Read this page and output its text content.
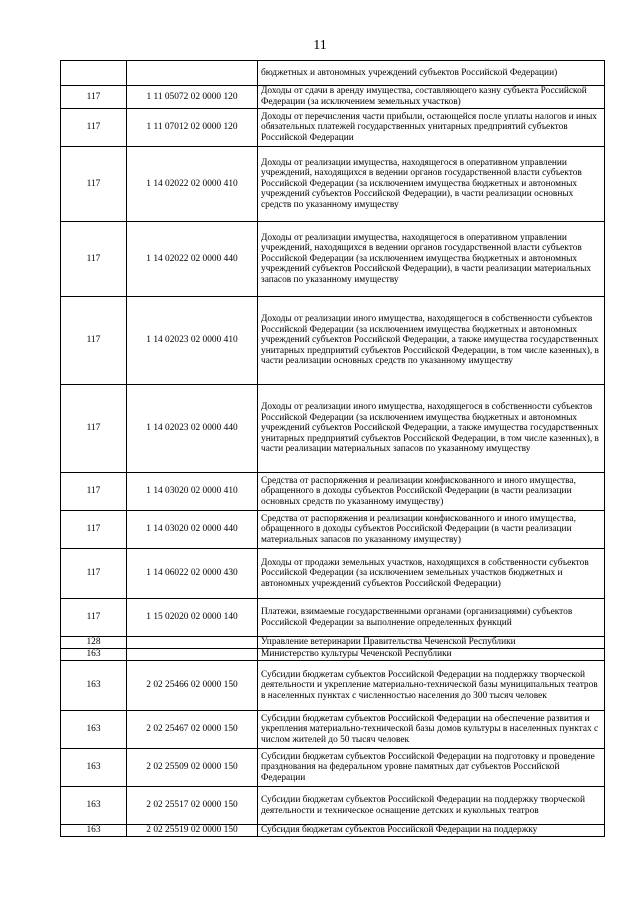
11
		бюджетных и автономных учреждений субъектов Российской Федерации)
117	1 11 05072 02 0000 120	Доходы от сдачи в аренду имущества, составляющего казну субъекта Российской Федерации (за исключением земельных участков)
117	1 11 07012 02 0000 120	Доходы от перечисления части прибыли, остающейся после уплаты налогов и иных обязательных платежей государственных унитарных предприятий субъектов Российской Федерации
117	1 14 02022 02 0000 410	Доходы от реализации имущества, находящегося в оперативном управлении учреждений, находящихся в ведении органов государственной власти субъектов Российской Федерации (за исключением имущества бюджетных и автономных учреждений субъектов Российской Федерации), в части реализации основных средств по указанному имуществу
117	1 14 02022 02 0000 440	Доходы от реализации имущества, находящегося в оперативном управлении учреждений, находящихся в ведении органов государственной власти субъектов Российской Федерации (за исключением имущества бюджетных и автономных учреждений субъектов Российской Федерации), в части реализации материальных запасов по указанному имуществу
117	1 14 02023 02 0000 410	Доходы от реализации иного имущества, находящегося в собственности субъектов Российской Федерации (за исключением имущества бюджетных и автономных учреждений субъектов Российской Федерации, а также имущества государственных унитарных предприятий субъектов Российской Федерации, в том числе казенных), в части реализации основных средств по указанному имуществу
117	1 14 02023 02 0000 440	Доходы от реализации иного имущества, находящегося в собственности субъектов Российской Федерации (за исключением имущества бюджетных и автономных учреждений субъектов Российской Федерации, а также имущества государственных унитарных предприятий субъектов Российской Федерации, в том числе казенных), в части реализации материальных запасов по указанному имуществу
117	1 14 03020 02 0000 410	Средства от распоряжения и реализации конфискованного и иного имущества, обращенного в доходы субъектов Российской Федерации (в части реализации основных средств по указанному имуществу)
117	1 14 03020 02 0000 440	Средства от распоряжения и реализации конфискованного и иного имущества, обращенного в доходы субъектов Российской Федерации (в части реализации материальных запасов по указанному имуществу)
117	1 14 06022 02 0000 430	Доходы от продажи земельных участков, находящихся в собственности субъектов Российской Федерации (за исключением земельных участков бюджетных и автономных учреждений субъектов Российской Федерации)
117	1 15 02020 02 0000 140	Платежи, взимаемые государственными органами (организациями) субъектов Российской Федерации за выполнение определенных функций
128		Управление ветеринарии Правительства Чеченской Республики
163		Министерство культуры Чеченской Республики
163	2 02 25466 02 0000 150	Субсидии бюджетам субъектов Российской Федерации на поддержку творческой деятельности и укрепление материально-технической базы муниципальных театров в населенных пунктах с численностью населения до 300 тысяч человек
163	2 02 25467 02 0000 150	Субсидии бюджетам субъектов Российской Федерации на обеспечение развития и укрепления материально-технической базы домов культуры в населенных пунктах с числом жителей до 50 тысяч человек
163	2 02 25509 02 0000 150	Субсидии бюджетам субъектов Российской Федерации на подготовку и проведение празднования на федеральном уровне памятных дат субъектов Российской Федерации
163	2 02 25517 02 0000 150	Субсидии бюджетам субъектов Российской Федерации на поддержку творческой деятельности и техническое оснащение детских и кукольных театров
163	2 02 25519 02 0000 150	Субсидия бюджетам субъектов Российской Федерации на поддержку
